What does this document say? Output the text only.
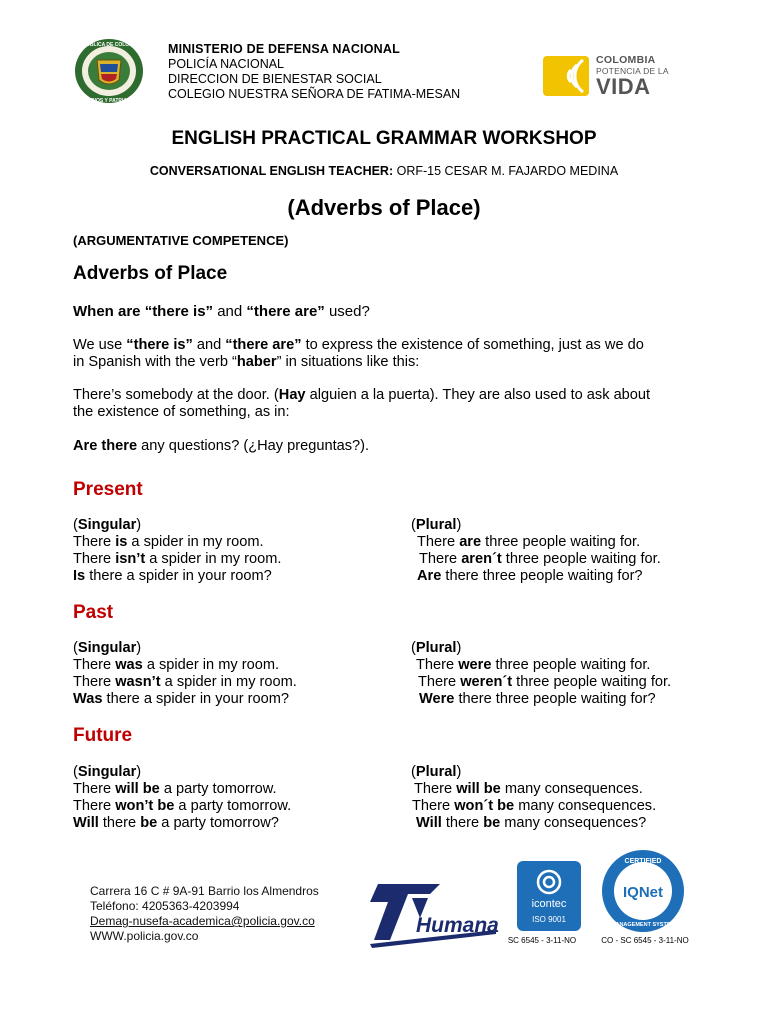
REPUBLICA DE COLOMBIA
DIOS Y PATRIA
MINISTERIO DE DEFENSA NACIONAL
POLICÍA NACIONAL
DIRECCION DE BIENESTAR SOCIAL
COLEGIO NUESTRA SEÑORA DE FATIMA-MESAN
COLOMBIA
POTENCIA DE LA
VIDA
ENGLISH PRACTICAL GRAMMAR WORKSHOP
CONVERSATIONAL ENGLISH TEACHER: ORF-15 CESAR M. FAJARDO MEDINA
(Adverbs of Place)
(ARGUMENTATIVE COMPETENCE)
Adverbs of Place
When are “there is” and “there are” used?
We use “there is” and “there are” to express the existence of something, just as we do
in Spanish with the verb “haber” in situations like this:
There’s somebody at the door. (Hay alguien a la puerta). They are also used to ask about
the existence of something, as in:
Are there any questions? (¿Hay preguntas?).
Present
(Singular)
There is a spider in my room.
There isn’t a spider in my room.
Is there a spider in your room?
(Plural)
There are three people waiting for.
There aren´t three people waiting for.
Are there three people waiting for?
Past
(Singular)
There was a spider in my room.
There wasn’t a spider in my room.
Was there a spider in your room?
(Plural)
There were three people waiting for.
There weren´t three people waiting for.
Were there three people waiting for?
Future
(Singular)
There will be a party tomorrow.
There won’t be a party tomorrow.
Will there be a party tomorrow?
(Plural)
There will be many consequences.
There won´t be many consequences.
Will there be many consequences?
Carrera 16 C # 9A-91 Barrio los Almendros
Teléfono: 4205363-4203994
Demag-nusefa-academica@policia.gov.co
WWW.policia.gov.co	Humana
icontec
ISO 9001
SC 6545 - 3-11-NO
CERTIFIED
IQNet
MANAGEMENT SYSTEM
CO - SC 6545 - 3-11-NO
